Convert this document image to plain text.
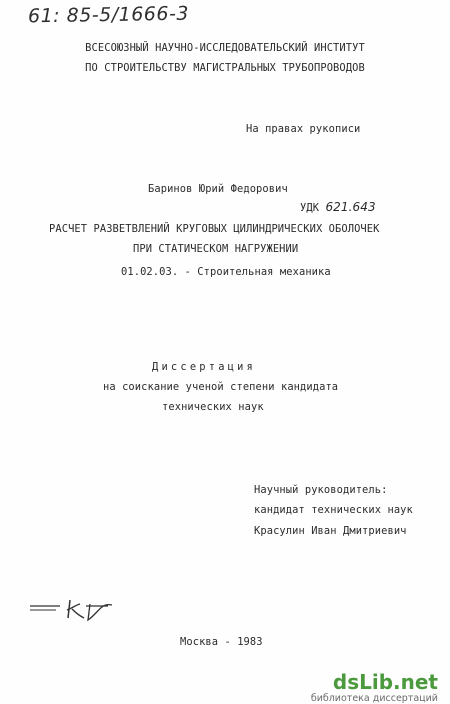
61: 85-5/1666-3
ВСЕСОЮЗНЫЙ НАУЧНО-ИССЛЕДОВАТЕЛЬСКИЙ ИНСТИТУТ
ПО СТРОИТЕЛЬСТВУ МАГИСТРАЛЬНЫХ ТРУБОПРОВОДОВ
На правах рукописи
Баринов Юрий Федорович
УДК 621.643
РАСЧЕТ РАЗВЕТВЛЕНИЙ КРУГОВЫХ ЦИЛИНДРИЧЕСКИХ ОБОЛОЧЕК
ПРИ СТАТИЧЕСКОМ НАГРУЖЕНИИ
01.02.03. - Строительная механика
Диссертация
на соискание ученой степени кандидата
технических наук
Научный руководитель:
кандидат технических наук
Красулин Иван Дмитриевич
Москва - 1983
dsLib.net
библиотека диссертаций
